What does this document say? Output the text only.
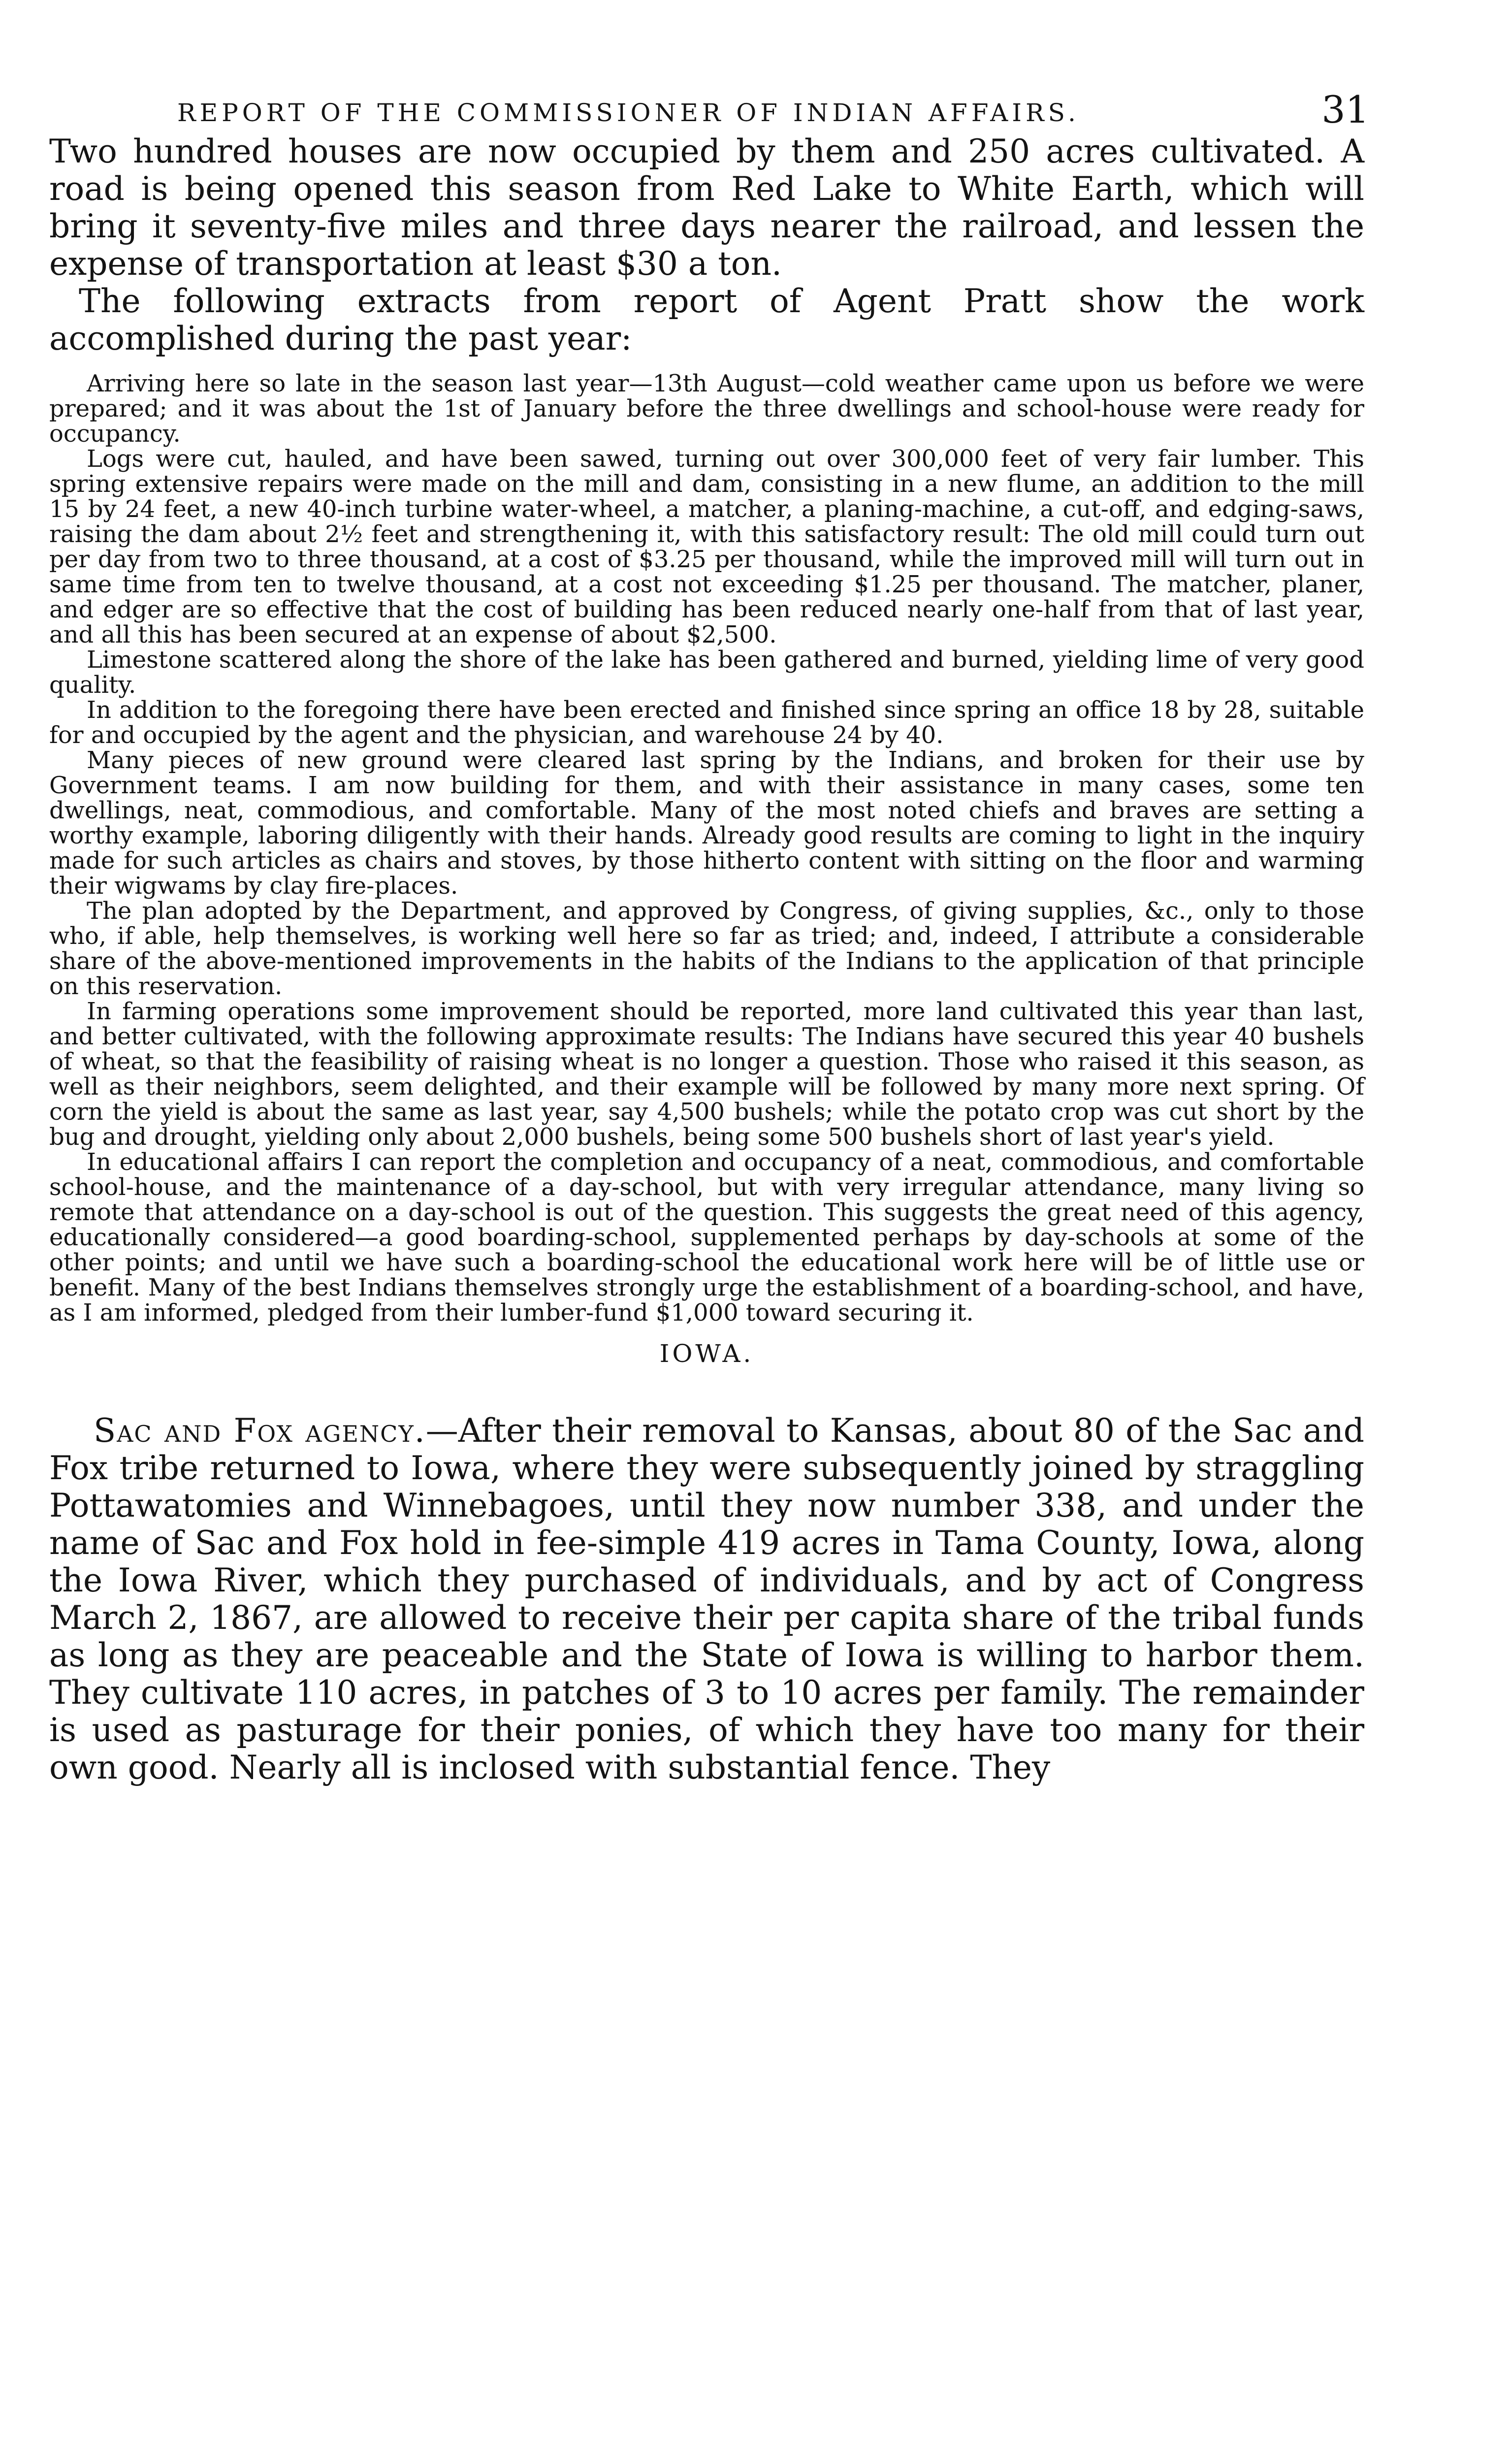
REPORT OF THE COMMISSIONER OF INDIAN AFFAIRS.	31

Two hundred houses are now occupied by them and 250 acres cultivated. A road is being opened this season from Red Lake to White Earth, which will bring it seventy-five miles and three days nearer the railroad, and lessen the expense of transportation at least $30 a ton.

The following extracts from report of Agent Pratt show the work accomplished during the past year:

Arriving here so late in the season last year—13th August—cold weather came upon us before we were prepared; and it was about the 1st of January before the three dwellings and school-house were ready for occupancy.

Logs were cut, hauled, and have been sawed, turning out over 300,000 feet of very fair lumber. This spring extensive repairs were made on the mill and dam, consisting in a new flume, an addition to the mill 15 by 24 feet, a new 40-inch turbine water-wheel, a matcher, a planing-machine, a cut-off, and edging-saws, raising the dam about 2½ feet and strengthening it, with this satisfactory result: The old mill could turn out per day from two to three thousand, at a cost of $3.25 per thousand, while the improved mill will turn out in same time from ten to twelve thousand, at a cost not exceeding $1.25 per thousand. The matcher, planer, and edger are so effective that the cost of building has been reduced nearly one-half from that of last year, and all this has been secured at an expense of about $2,500.

Limestone scattered along the shore of the lake has been gathered and burned, yielding lime of very good quality.

In addition to the foregoing there have been erected and finished since spring an office 18 by 28, suitable for and occupied by the agent and the physician, and warehouse 24 by 40.

Many pieces of new ground were cleared last spring by the Indians, and broken for their use by Government teams. I am now building for them, and with their assistance in many cases, some ten dwellings, neat, commodious, and comfortable. Many of the most noted chiefs and braves are setting a worthy example, laboring diligently with their hands. Already good results are coming to light in the inquiry made for such articles as chairs and stoves, by those hitherto content with sitting on the floor and warming their wigwams by clay fire-places.

The plan adopted by the Department, and approved by Congress, of giving supplies, &c., only to those who, if able, help themselves, is working well here so far as tried; and, indeed, I attribute a considerable share of the above-mentioned improvements in the habits of the Indians to the application of that principle on this reservation.

In farming operations some improvement should be reported, more land cultivated this year than last, and better cultivated, with the following approximate results: The Indians have secured this year 40 bushels of wheat, so that the feasibility of raising wheat is no longer a question. Those who raised it this season, as well as their neighbors, seem delighted, and their example will be followed by many more next spring. Of corn the yield is about the same as last year, say 4,500 bushels; while the potato crop was cut short by the bug and drought, yielding only about 2,000 bushels, being some 500 bushels short of last year's yield.

In educational affairs I can report the completion and occupancy of a neat, commodious, and comfortable school-house, and the maintenance of a day-school, but with very irregular attendance, many living so remote that attendance on a day-school is out of the question. This suggests the great need of this agency, educationally considered—a good boarding-school, supplemented perhaps by day-schools at some of the other points; and until we have such a boarding-school the educational work here will be of little use or benefit. Many of the best Indians themselves strongly urge the establishment of a boarding-school, and have, as I am informed, pledged from their lumber-fund $1,000 toward securing it.

IOWA.

Sac and Fox agency.—After their removal to Kansas, about 80 of the Sac and Fox tribe returned to Iowa, where they were subsequently joined by straggling Pottawatomies and Winnebagoes, until they now number 338, and under the name of Sac and Fox hold in fee-simple 419 acres in Tama County, Iowa, along the Iowa River, which they purchased of individuals, and by act of Congress March 2, 1867, are allowed to receive their per capita share of the tribal funds as long as they are peaceable and the State of Iowa is willing to harbor them. They cultivate 110 acres, in patches of 3 to 10 acres per family. The remainder is used as pasturage for their ponies, of which they have too many for their own good. Nearly all is inclosed with substantial fence. They
